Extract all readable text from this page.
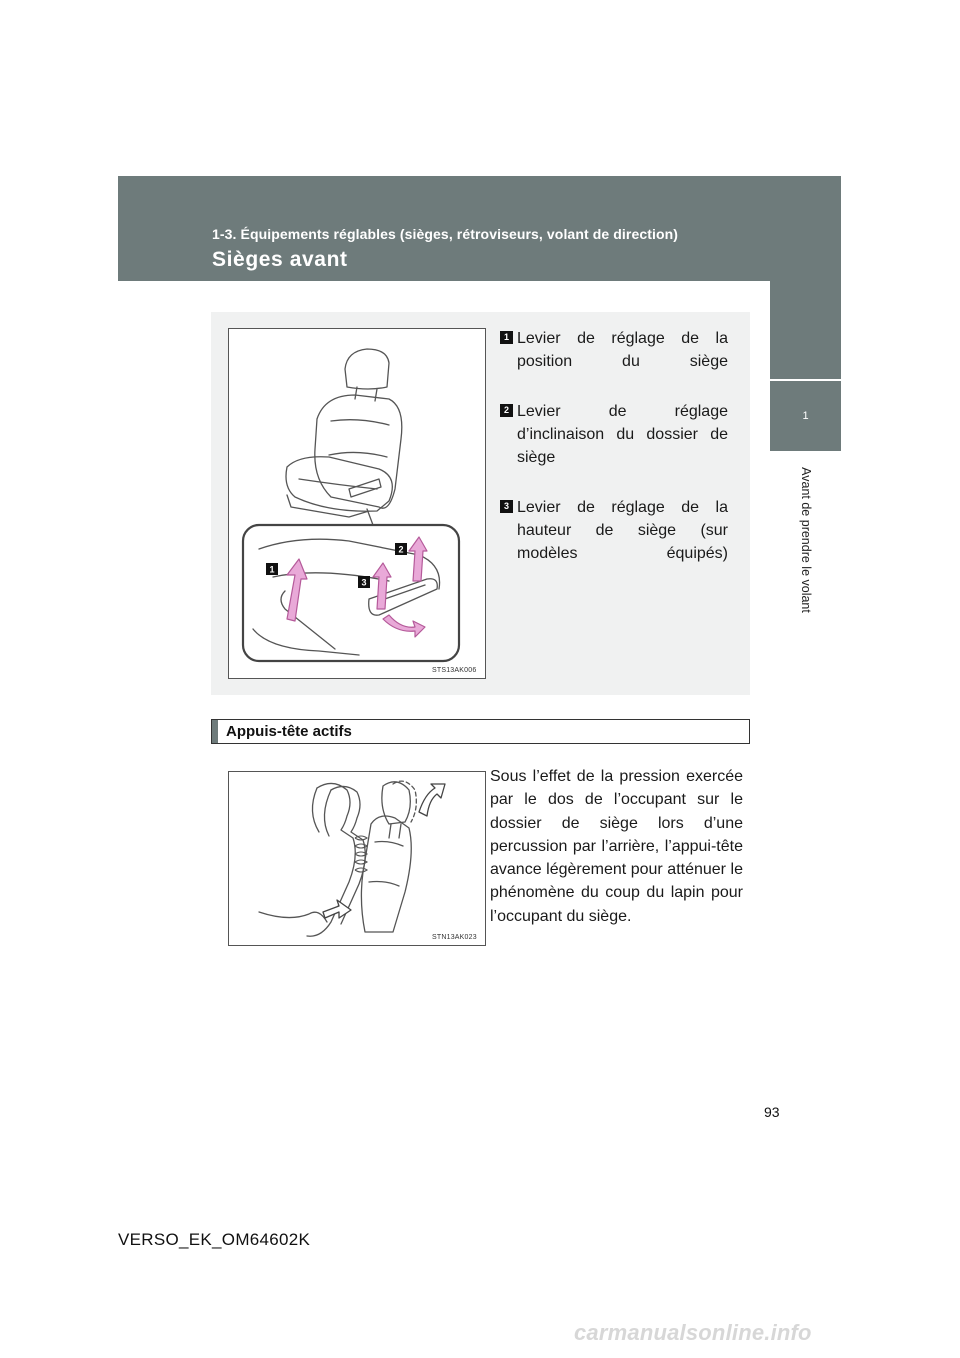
1-3. Équipements réglables (sièges, rétroviseurs, volant de direction)
Sièges avant
1
Avant de prendre le volant
1
2
3
STS13AK006
1 Levier de réglage de la position du siège
2 Levier de réglage d’inclinaison du dossier de siège
3 Levier de réglage de la hauteur de siège (sur modèles équipés)
Appuis-tête actifs
STN13AK023
Sous l’effet de la pression exercée par le dos de l’occupant sur le dossier de siège lors d’une percussion par l’arrière, l’appui-tête avance légèrement pour atténuer le phénomène du coup du lapin pour l’occupant du siège.
93
VERSO_EK_OM64602K
carmanualsonline.info
